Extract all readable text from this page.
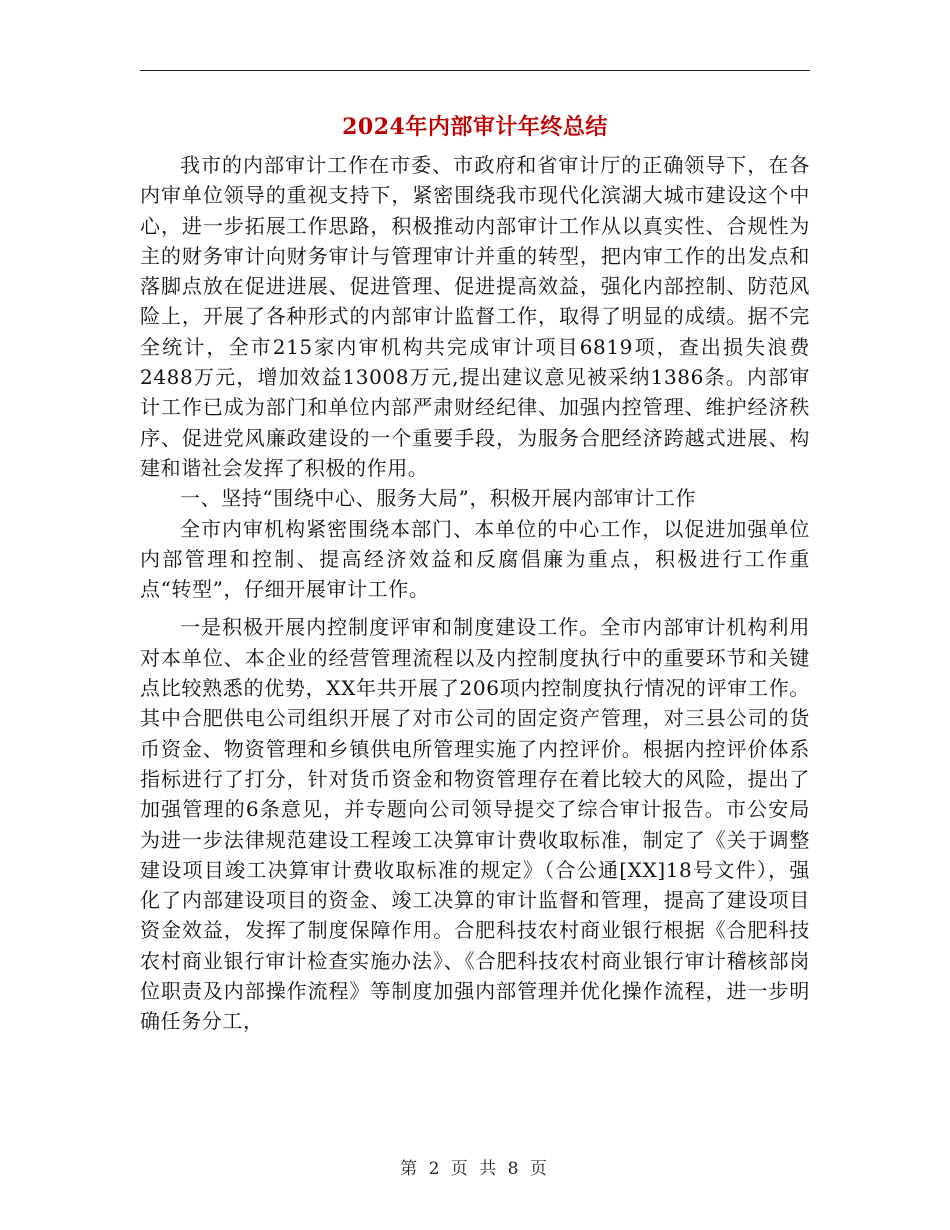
2024年内部审计年终总结

我市的内部审计工作在市委、市政府和省审计厅的正确领导下，在各内审单位领导的重视支持下，紧密围绕我市现代化滨湖大城市建设这个中心，进一步拓展工作思路，积极推动内部审计工作从以真实性、合规性为主的财务审计向财务审计与管理审计并重的转型，把内审工作的出发点和落脚点放在促进进展、促进管理、促进提高效益，强化内部控制、防范风险上，开展了各种形式的内部审计监督工作，取得了明显的成绩。据不完全统计，全市215家内审机构共完成审计项目6819项，查出损失浪费2488万元，增加效益13008万元,提出建议意见被采纳1386条。内部审计工作已成为部门和单位内部严肃财经纪律、加强内控管理、维护经济秩序、促进党风廉政建设的一个重要手段，为服务合肥经济跨越式进展、构建和谐社会发挥了积极的作用。

一、坚持“围绕中心、服务大局”，积极开展内部审计工作

全市内审机构紧密围绕本部门、本单位的中心工作，以促进加强单位内部管理和控制、提高经济效益和反腐倡廉为重点，积极进行工作重点“转型”，仔细开展审计工作。

一是积极开展内控制度评审和制度建设工作。全市内部审计机构利用对本单位、本企业的经营管理流程以及内控制度执行中的重要环节和关键点比较熟悉的优势，XX年共开展了206项内控制度执行情况的评审工作。其中合肥供电公司组织开展了对市公司的固定资产管理，对三县公司的货币资金、物资管理和乡镇供电所管理实施了内控评价。根据内控评价体系指标进行了打分，针对货币资金和物资管理存在着比较大的风险，提出了加强管理的6条意见，并专题向公司领导提交了综合审计报告。市公安局为进一步法律规范建设工程竣工决算审计费收取标准，制定了《关于调整建设项目竣工决算审计费收取标准的规定》（合公通[XX]18号文件），强化了内部建设项目的资金、竣工决算的审计监督和管理，提高了建设项目资金效益，发挥了制度保障作用。合肥科技农村商业银行根据《合肥科技农村商业银行审计检查实施办法》、《合肥科技农村商业银行审计稽核部岗位职责及内部操作流程》等制度加强内部管理并优化操作流程，进一步明确任务分工，

第 2 页 共 8 页
